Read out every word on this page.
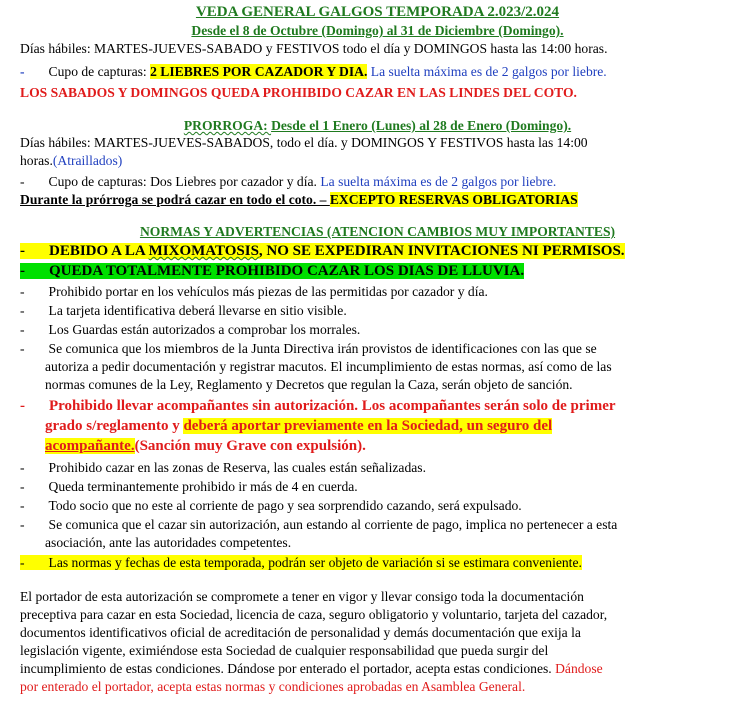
VEDA GENERAL GALGOS TEMPORADA 2.023/2.024
Desde el 8 de Octubre (Domingo) al 31 de Diciembre (Domingo).
Días hábiles: MARTES-JUEVES-SABADO y FESTIVOS todo el día y DOMINGOS hasta las 14:00 horas.
- Cupo de capturas: 2 LIEBRES POR CAZADOR Y DIA. La suelta máxima es de 2 galgos por liebre.
LOS SABADOS Y DOMINGOS QUEDA PROHIBIDO CAZAR EN LAS LINDES DEL COTO.
PRORROGA: Desde el 1 Enero (Lunes) al 28 de Enero (Domingo).
Días hábiles: MARTES-JUEVES-SABADOS, todo el día. y DOMINGOS Y FESTIVOS hasta las 14:00
horas.(Atraillados)
- Cupo de capturas: Dos Liebres por cazador y día. La suelta máxima es de 2 galgos por liebre.
Durante la prórroga se podrá cazar en todo el coto. – EXCEPTO RESERVAS OBLIGATORIAS
NORMAS Y ADVERTENCIAS (ATENCION CAMBIOS MUY IMPORTANTES)
- DEBIDO A LA MIXOMATOSIS, NO SE EXPEDIRAN INVITACIONES NI PERMISOS.
- QUEDA TOTALMENTE PROHIBIDO CAZAR LOS DIAS DE LLUVIA.
- Prohibido portar en los vehículos más piezas de las permitidas por cazador y día.
- La tarjeta identificativa deberá llevarse en sitio visible.
- Los Guardas están autorizados a comprobar los morrales.
- Se comunica que los miembros de la Junta Directiva irán provistos de identificaciones con las que se
autoriza a pedir documentación y registrar macutos. El incumplimiento de estas normas, así como de las
normas comunes de la Ley, Reglamento y Decretos que regulan la Caza, serán objeto de sanción.
- Prohibido llevar acompañantes sin autorización. Los acompañantes serán solo de primer
grado s/reglamento y deberá aportar previamente en la Sociedad, un seguro del
acompañante.(Sanción muy Grave con expulsión).
- Prohibido cazar en las zonas de Reserva, las cuales están señalizadas.
- Queda terminantemente prohibido ir más de 4 en cuerda.
- Todo socio que no este al corriente de pago y sea sorprendido cazando, será expulsado.
- Se comunica que el cazar sin autorización, aun estando al corriente de pago, implica no pertenecer a esta
asociación, ante las autoridades competentes.
- Las normas y fechas de esta temporada, podrán ser objeto de variación si se estimara conveniente.
El portador de esta autorización se compromete a tener en vigor y llevar consigo toda la documentación
preceptiva para cazar en esta Sociedad, licencia de caza, seguro obligatorio y voluntario, tarjeta del cazador,
documentos identificativos oficial de acreditación de personalidad y demás documentación que exija la
legislación vigente, eximiéndose esta Sociedad de cualquier responsabilidad que pueda surgir del
incumplimiento de estas condiciones. Dándose por enterado el portador, acepta estas condiciones. Dándose
por enterado el portador, acepta estas normas y condiciones aprobadas en Asamblea General.
